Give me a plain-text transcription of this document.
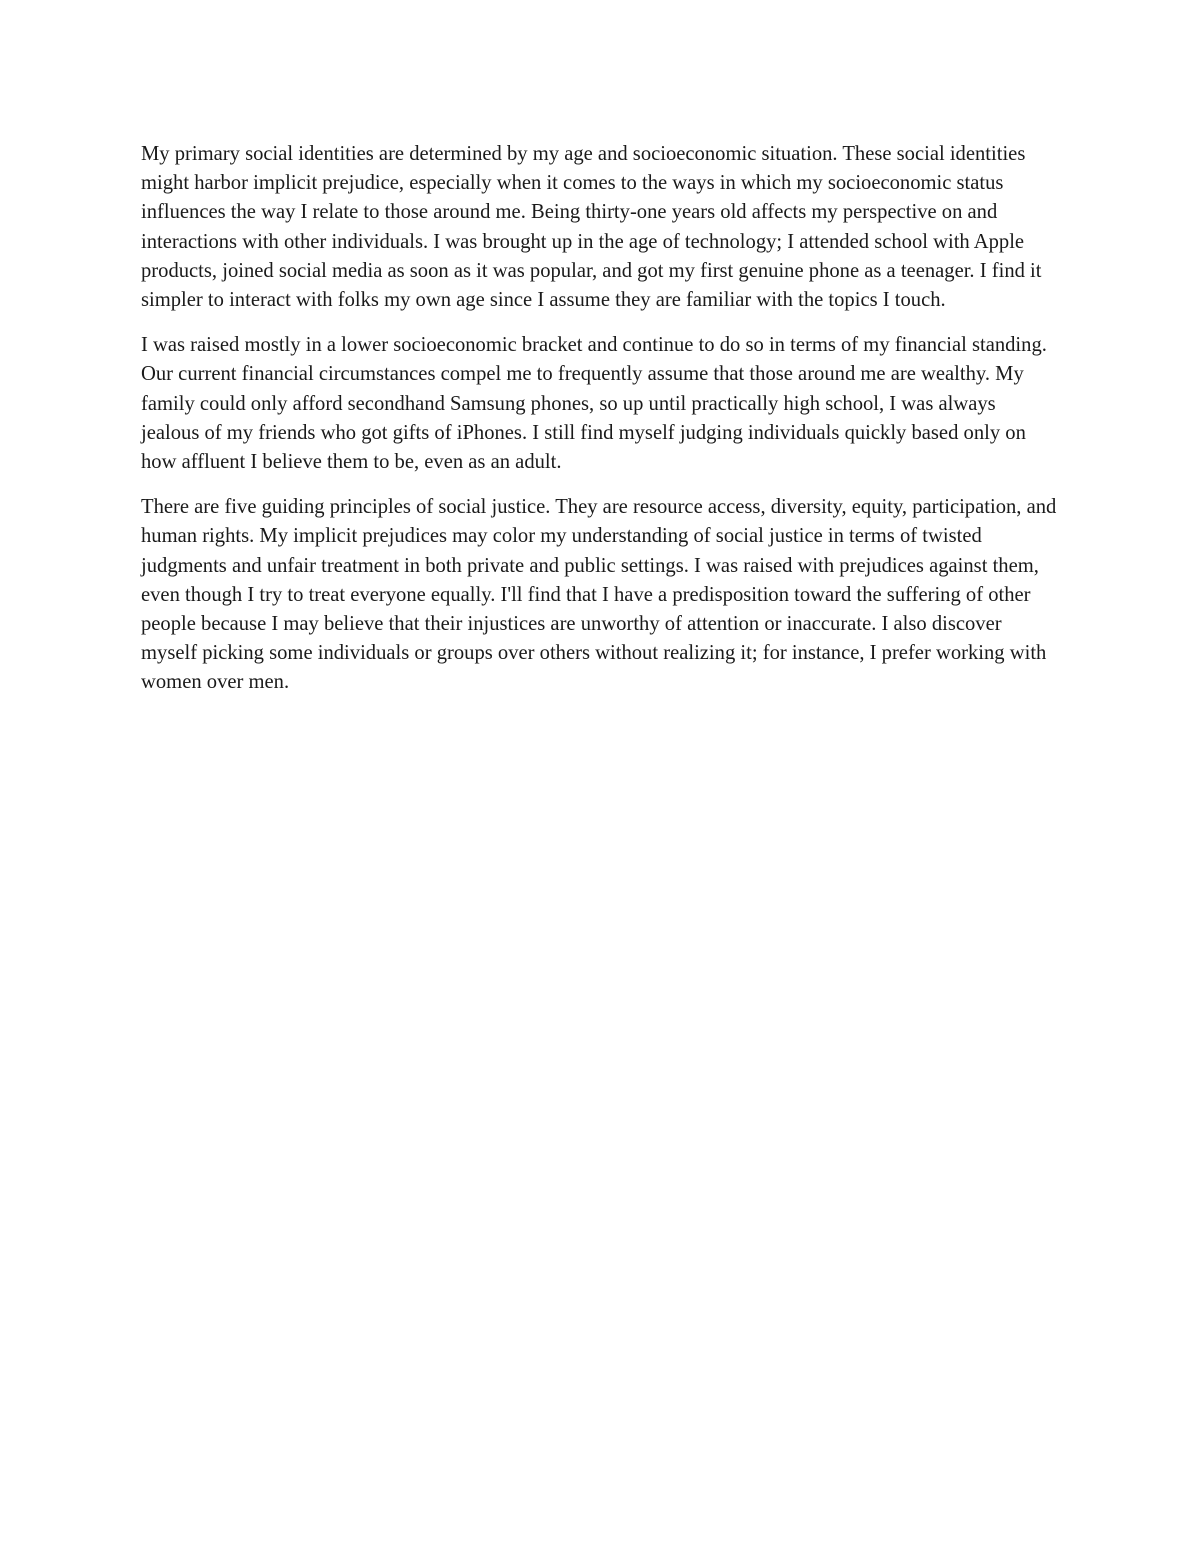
My primary social identities are determined by my age and socioeconomic situation. These social identities might harbor implicit prejudice, especially when it comes to the ways in which my socioeconomic status influences the way I relate to those around me. Being thirty-one years old affects my perspective on and interactions with other individuals. I was brought up in the age of technology; I attended school with Apple products, joined social media as soon as it was popular, and got my first genuine phone as a teenager. I find it simpler to interact with folks my own age since I assume they are familiar with the topics I touch.

I was raised mostly in a lower socioeconomic bracket and continue to do so in terms of my financial standing. Our current financial circumstances compel me to frequently assume that those around me are wealthy. My family could only afford secondhand Samsung phones, so up until practically high school, I was always jealous of my friends who got gifts of iPhones. I still find myself judging individuals quickly based only on how affluent I believe them to be, even as an adult.

There are five guiding principles of social justice. They are resource access, diversity, equity, participation, and human rights. My implicit prejudices may color my understanding of social justice in terms of twisted judgments and unfair treatment in both private and public settings. I was raised with prejudices against them, even though I try to treat everyone equally. I'll find that I have a predisposition toward the suffering of other people because I may believe that their injustices are unworthy of attention or inaccurate. I also discover myself picking some individuals or groups over others without realizing it; for instance, I prefer working with women over men.
